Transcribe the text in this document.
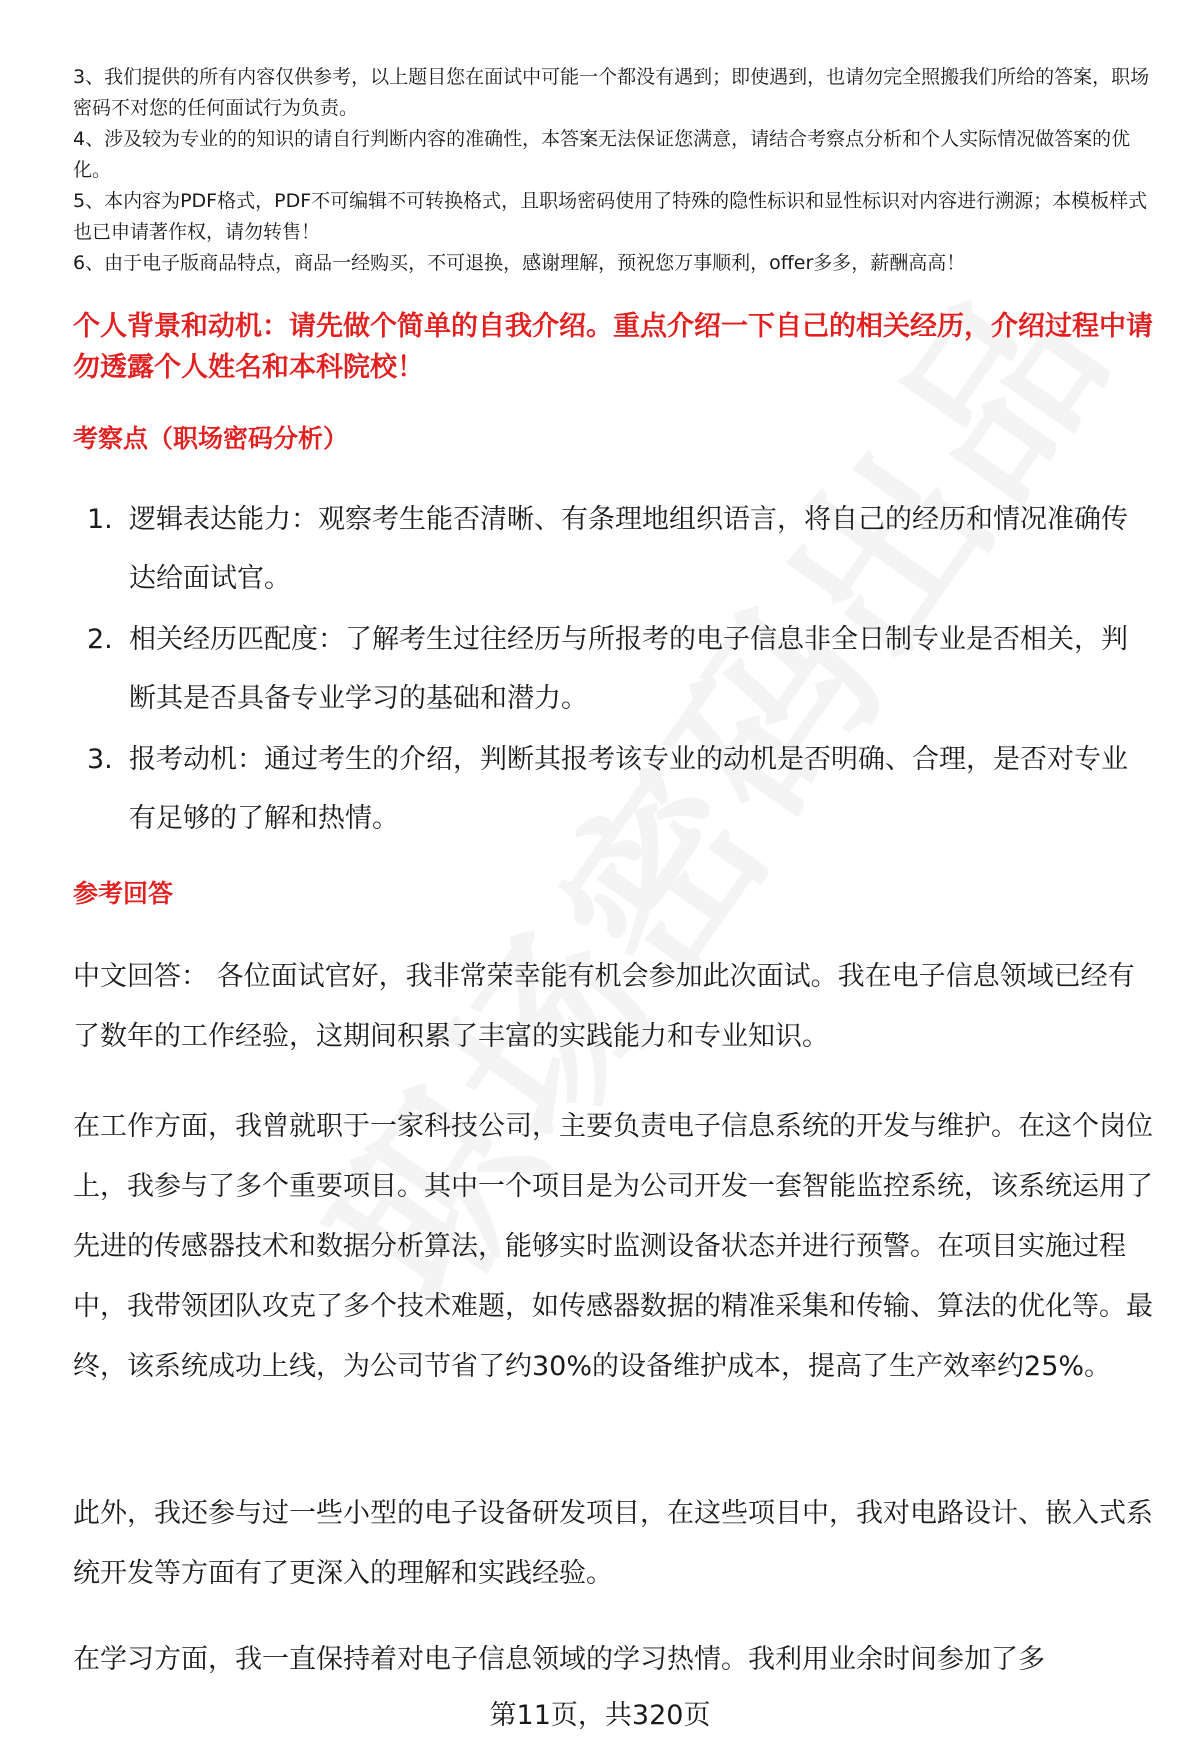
3、我们提供的所有内容仅供参考，以上题目您在面试中可能一个都没有遇到；即使遇到，也请勿完全照搬我们所给的答案，职场密码不对您的任何面试行为负责。

4、涉及较为专业的的知识的请自行判断内容的准确性，本答案无法保证您满意，请结合考察点分析和个人实际情况做答案的优化。

5、本内容为PDF格式，PDF不可编辑不可转换格式，且职场密码使用了特殊的隐性标识和显性标识对内容进行溯源；本模板样式也已申请著作权，请勿转售！

6、由于电子版商品特点，商品一经购买，不可退换，感谢理解，预祝您万事顺利，offer多多，薪酬高高！

个人背景和动机：请先做个简单的自我介绍。重点介绍一下自己的相关经历，介绍过程中请勿透露个人姓名和本科院校！
考察点（职场密码分析）
1. 逻辑表达能力：观察考生能否清晰、有条理地组织语言，将自己的经历和情况准确传达给面试官。
2. 相关经历匹配度：了解考生过往经历与所报考的电子信息非全日制专业是否相关，判断其是否具备专业学习的基础和潜力。
3. 报考动机：通过考生的介绍，判断其报考该专业的动机是否明确、合理，是否对专业有足够的了解和热情。
参考回答

中文回答： 各位面试官好，我非常荣幸能有机会参加此次面试。我在电子信息领域已经有了数年的工作经验，这期间积累了丰富的实践能力和专业知识。

在工作方面，我曾就职于一家科技公司，主要负责电子信息系统的开发与维护。在这个岗位上，我参与了多个重要项目。其中一个项目是为公司开发一套智能监控系统，该系统运用了先进的传感器技术和数据分析算法，能够实时监测设备状态并进行预警。在项目实施过程中，我带领团队攻克了多个技术难题，如传感器数据的精准采集和传输、算法的优化等。最终，该系统成功上线，为公司节省了约30%的设备维护成本，提高了生产效率约25%。

此外，我还参与过一些小型的电子设备研发项目，在这些项目中，我对电路设计、嵌入式系统开发等方面有了更深入的理解和实践经验。

在学习方面，我一直保持着对电子信息领域的学习热情。我利用业余时间参加了多

第11页，共320页
